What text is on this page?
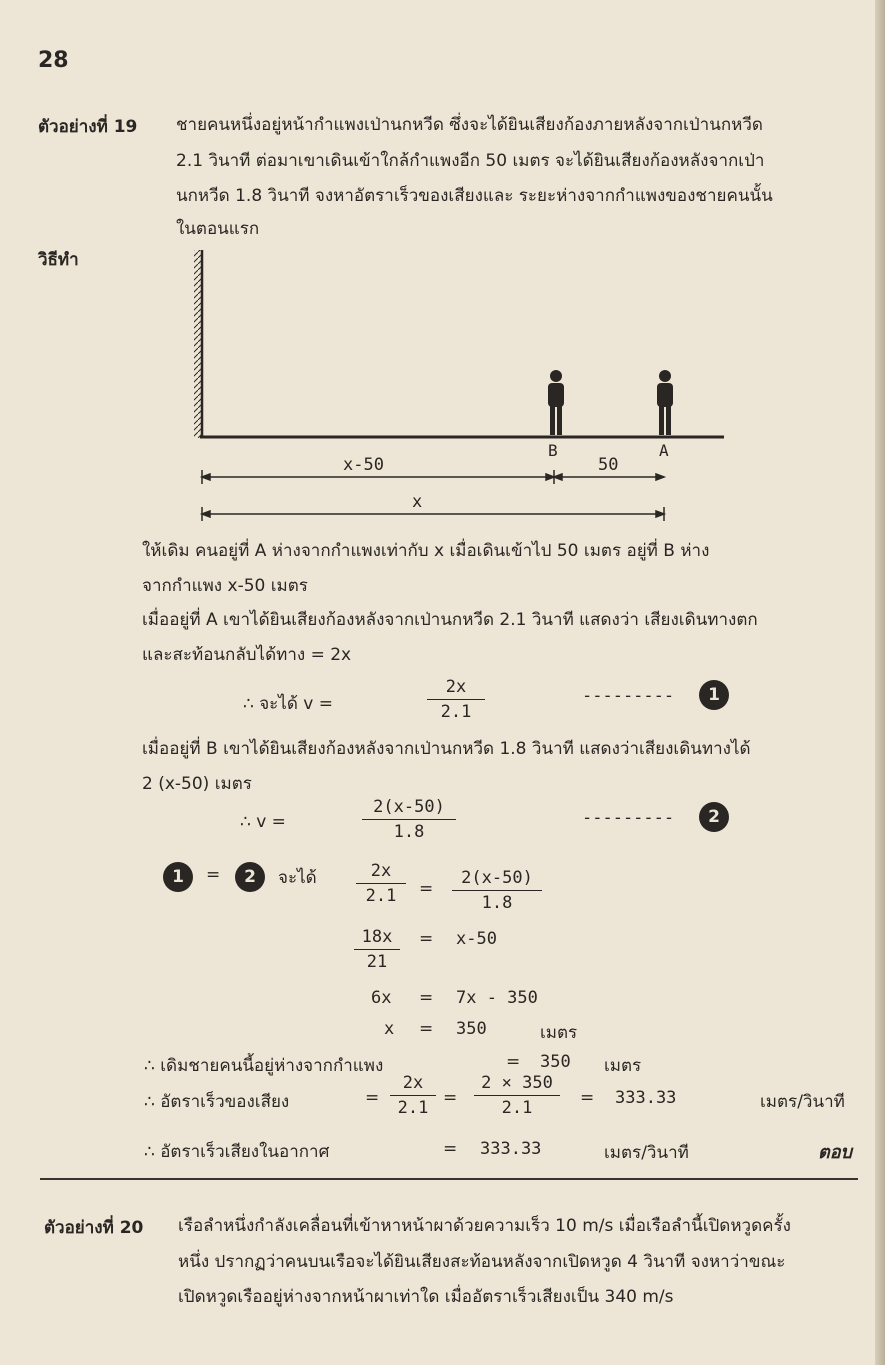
28
ตัวอย่างที่ 19 ชายคนหนึ่งอยู่หน้ากำแพงเป่านกหวีด ซึ่งจะได้ยินเสียงก้องภายหลังจากเป่านกหวีด
2.1 วินาที ต่อมาเขาเดินเข้าใกล้กำแพงอีก 50 เมตร จะได้ยินเสียงก้องหลังจากเป่า
นกหวีด 1.8 วินาที จงหาอัตราเร็วของเสียงและ ระยะห่างจากกำแพงของชายคนนั้น
ในตอนแรก
วิธีทำ
B	A
x-50	50
x
ให้เดิม คนอยู่ที่ A ห่างจากกำแพงเท่ากับ x เมื่อเดินเข้าไป 50 เมตร อยู่ที่ B ห่าง
จากกำแพง x-50 เมตร
เมื่ออยู่ที่ A เขาได้ยินเสียงก้องหลังจากเป่านกหวีด 2.1 วินาที แสดงว่า เสียงเดินทางตก
และสะท้อนกลับได้ทาง = 2x
∴ จะได้ v =	$\frac{2x}{2.1}$	---------	1
เมื่ออยู่ที่ B เขาได้ยินเสียงก้องหลังจากเป่านกหวีด 1.8 วินาที แสดงว่าเสียงเดินทางได้
2 (x-50) เมตร
∴ v =	$\frac{2(x-50)}{1.8}$	---------	2
1	=	2	จะได้ $\frac{2x}{2.1} = \frac{2(x-50)}{1.8}$
$\frac{18x}{21} = x-50$
6x = 7x - 350
x = 350	เมตร
∴ เดิมชายคนนี้อยู่ห่างจากกำแพง	= 350 เมตร
∴ อัตราเร็วของเสียง	= $\frac{2x}{2.1} = \frac{2 \times 350}{2.1} = 333.33$	เมตร/วินาที
∴ อัตราเร็วเสียงในอากาศ	= 333.33	เมตร/วินาที	ตอบ
ตัวอย่างที่ 20 เรือลำหนึ่งกำลังเคลื่อนที่เข้าหาหน้าผาด้วยความเร็ว 10 m/s เมื่อเรือลำนี้เปิดหวูดครั้ง
หนึ่ง ปรากฏว่าคนบนเรือจะได้ยินเสียงสะท้อนหลังจากเปิดหวูด 4 วินาที จงหาว่าขณะ
เปิดหวูดเรืออยู่ห่างจากหน้าผาเท่าใด เมื่ออัตราเร็วเสียงเป็น 340 m/s
